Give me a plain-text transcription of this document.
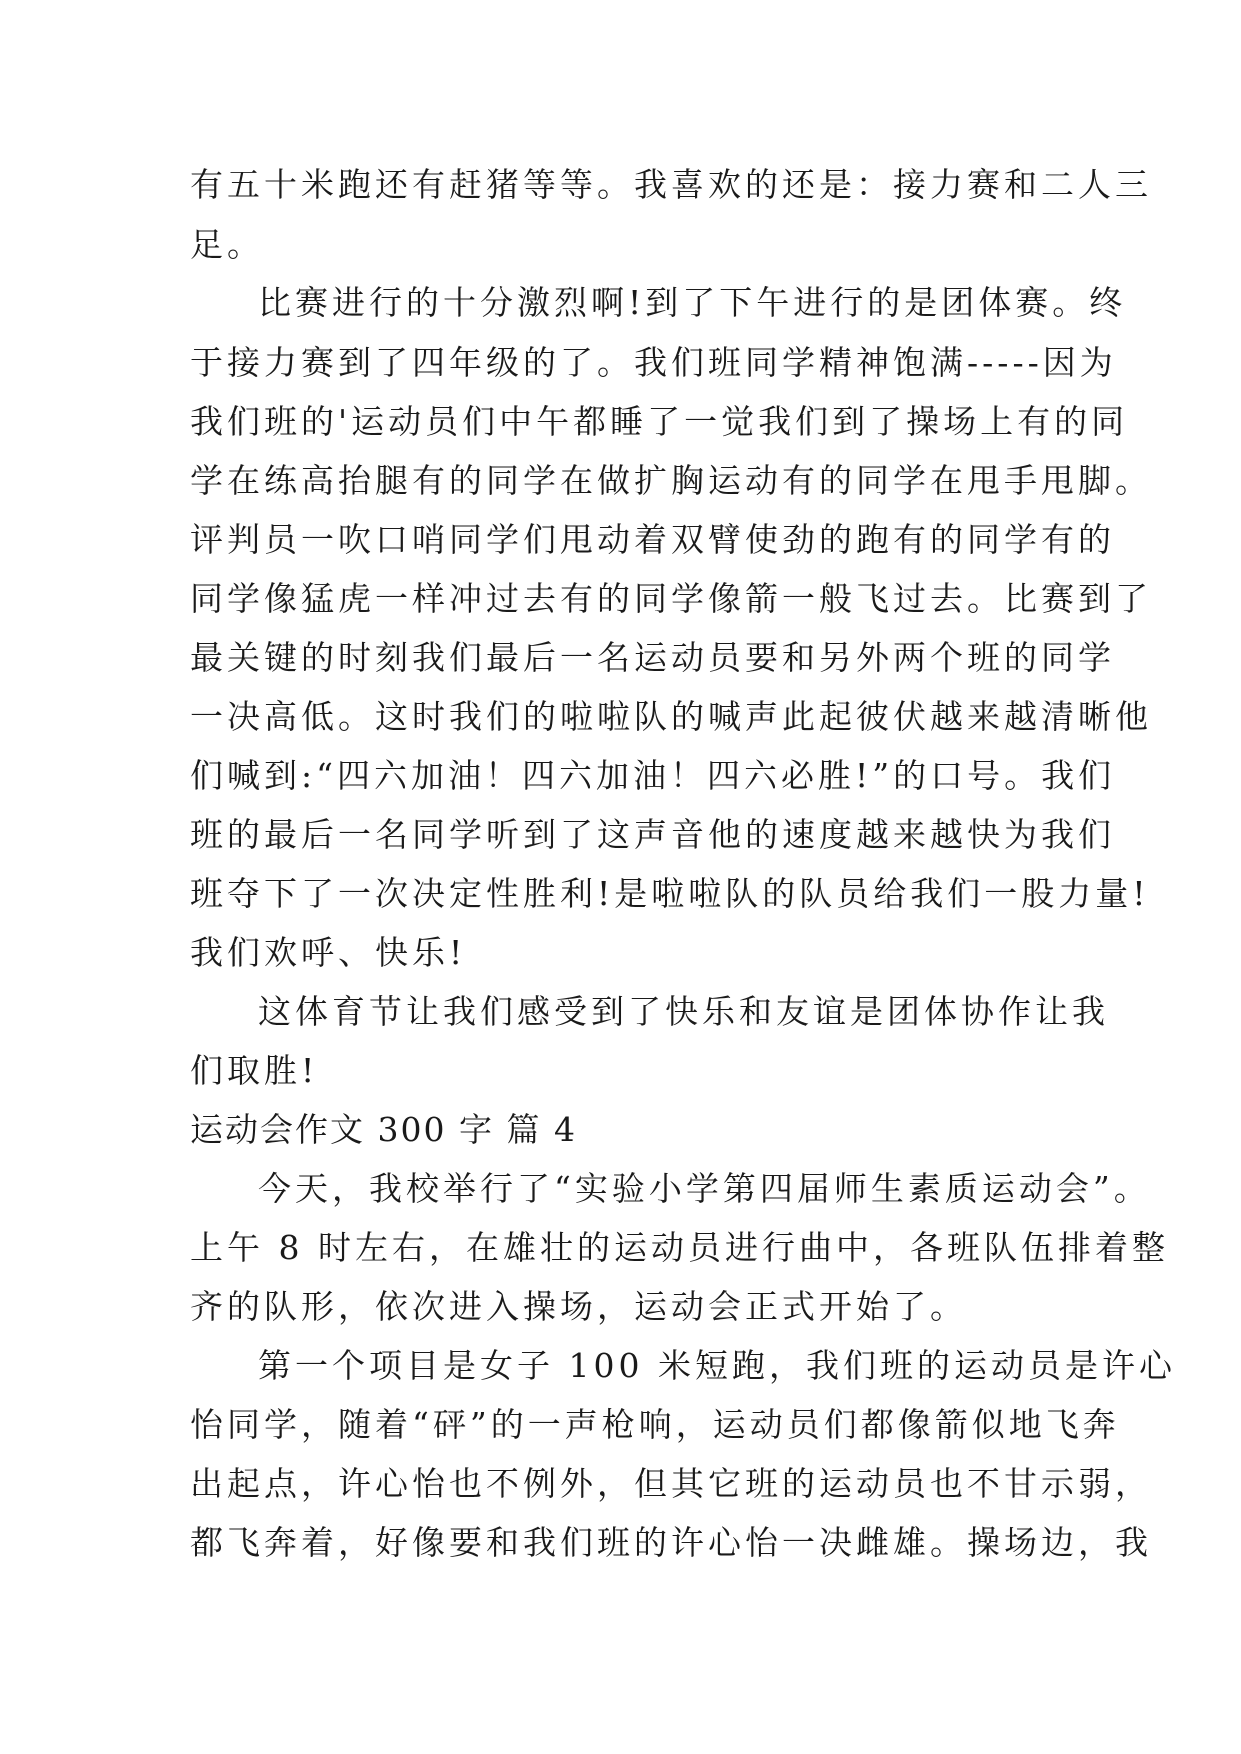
有五十米跑还有赶猪等等。我喜欢的还是：接力赛和二人三

足。

比赛进行的十分激烈啊!到了下午进行的是团体赛。终

于接力赛到了四年级的了。我们班同学精神饱满-----因为

我们班的'运动员们中午都睡了一觉我们到了操场上有的同

学在练高抬腿有的同学在做扩胸运动有的同学在甩手甩脚。

评判员一吹口哨同学们甩动着双臂使劲的跑有的同学有的

同学像猛虎一样冲过去有的同学像箭一般飞过去。比赛到了

最关键的时刻我们最后一名运动员要和另外两个班的同学

一决高低。这时我们的啦啦队的喊声此起彼伏越来越清晰他

们喊到:“四六加油！四六加油！四六必胜!”的口号。我们

班的最后一名同学听到了这声音他的速度越来越快为我们

班夺下了一次决定性胜利!是啦啦队的队员给我们一股力量!

我们欢呼、快乐!

这体育节让我们感受到了快乐和友谊是团体协作让我

们取胜!

运动会作文 300 字 篇 4

今天，我校举行了“实验小学第四届师生素质运动会”。

上午 8 时左右，在雄壮的运动员进行曲中，各班队伍排着整

齐的队形，依次进入操场，运动会正式开始了。

第一个项目是女子 100 米短跑，我们班的运动员是许心

怡同学，随着“砰”的一声枪响，运动员们都像箭似地飞奔

出起点，许心怡也不例外，但其它班的运动员也不甘示弱，

都飞奔着，好像要和我们班的许心怡一决雌雄。操场边，我
